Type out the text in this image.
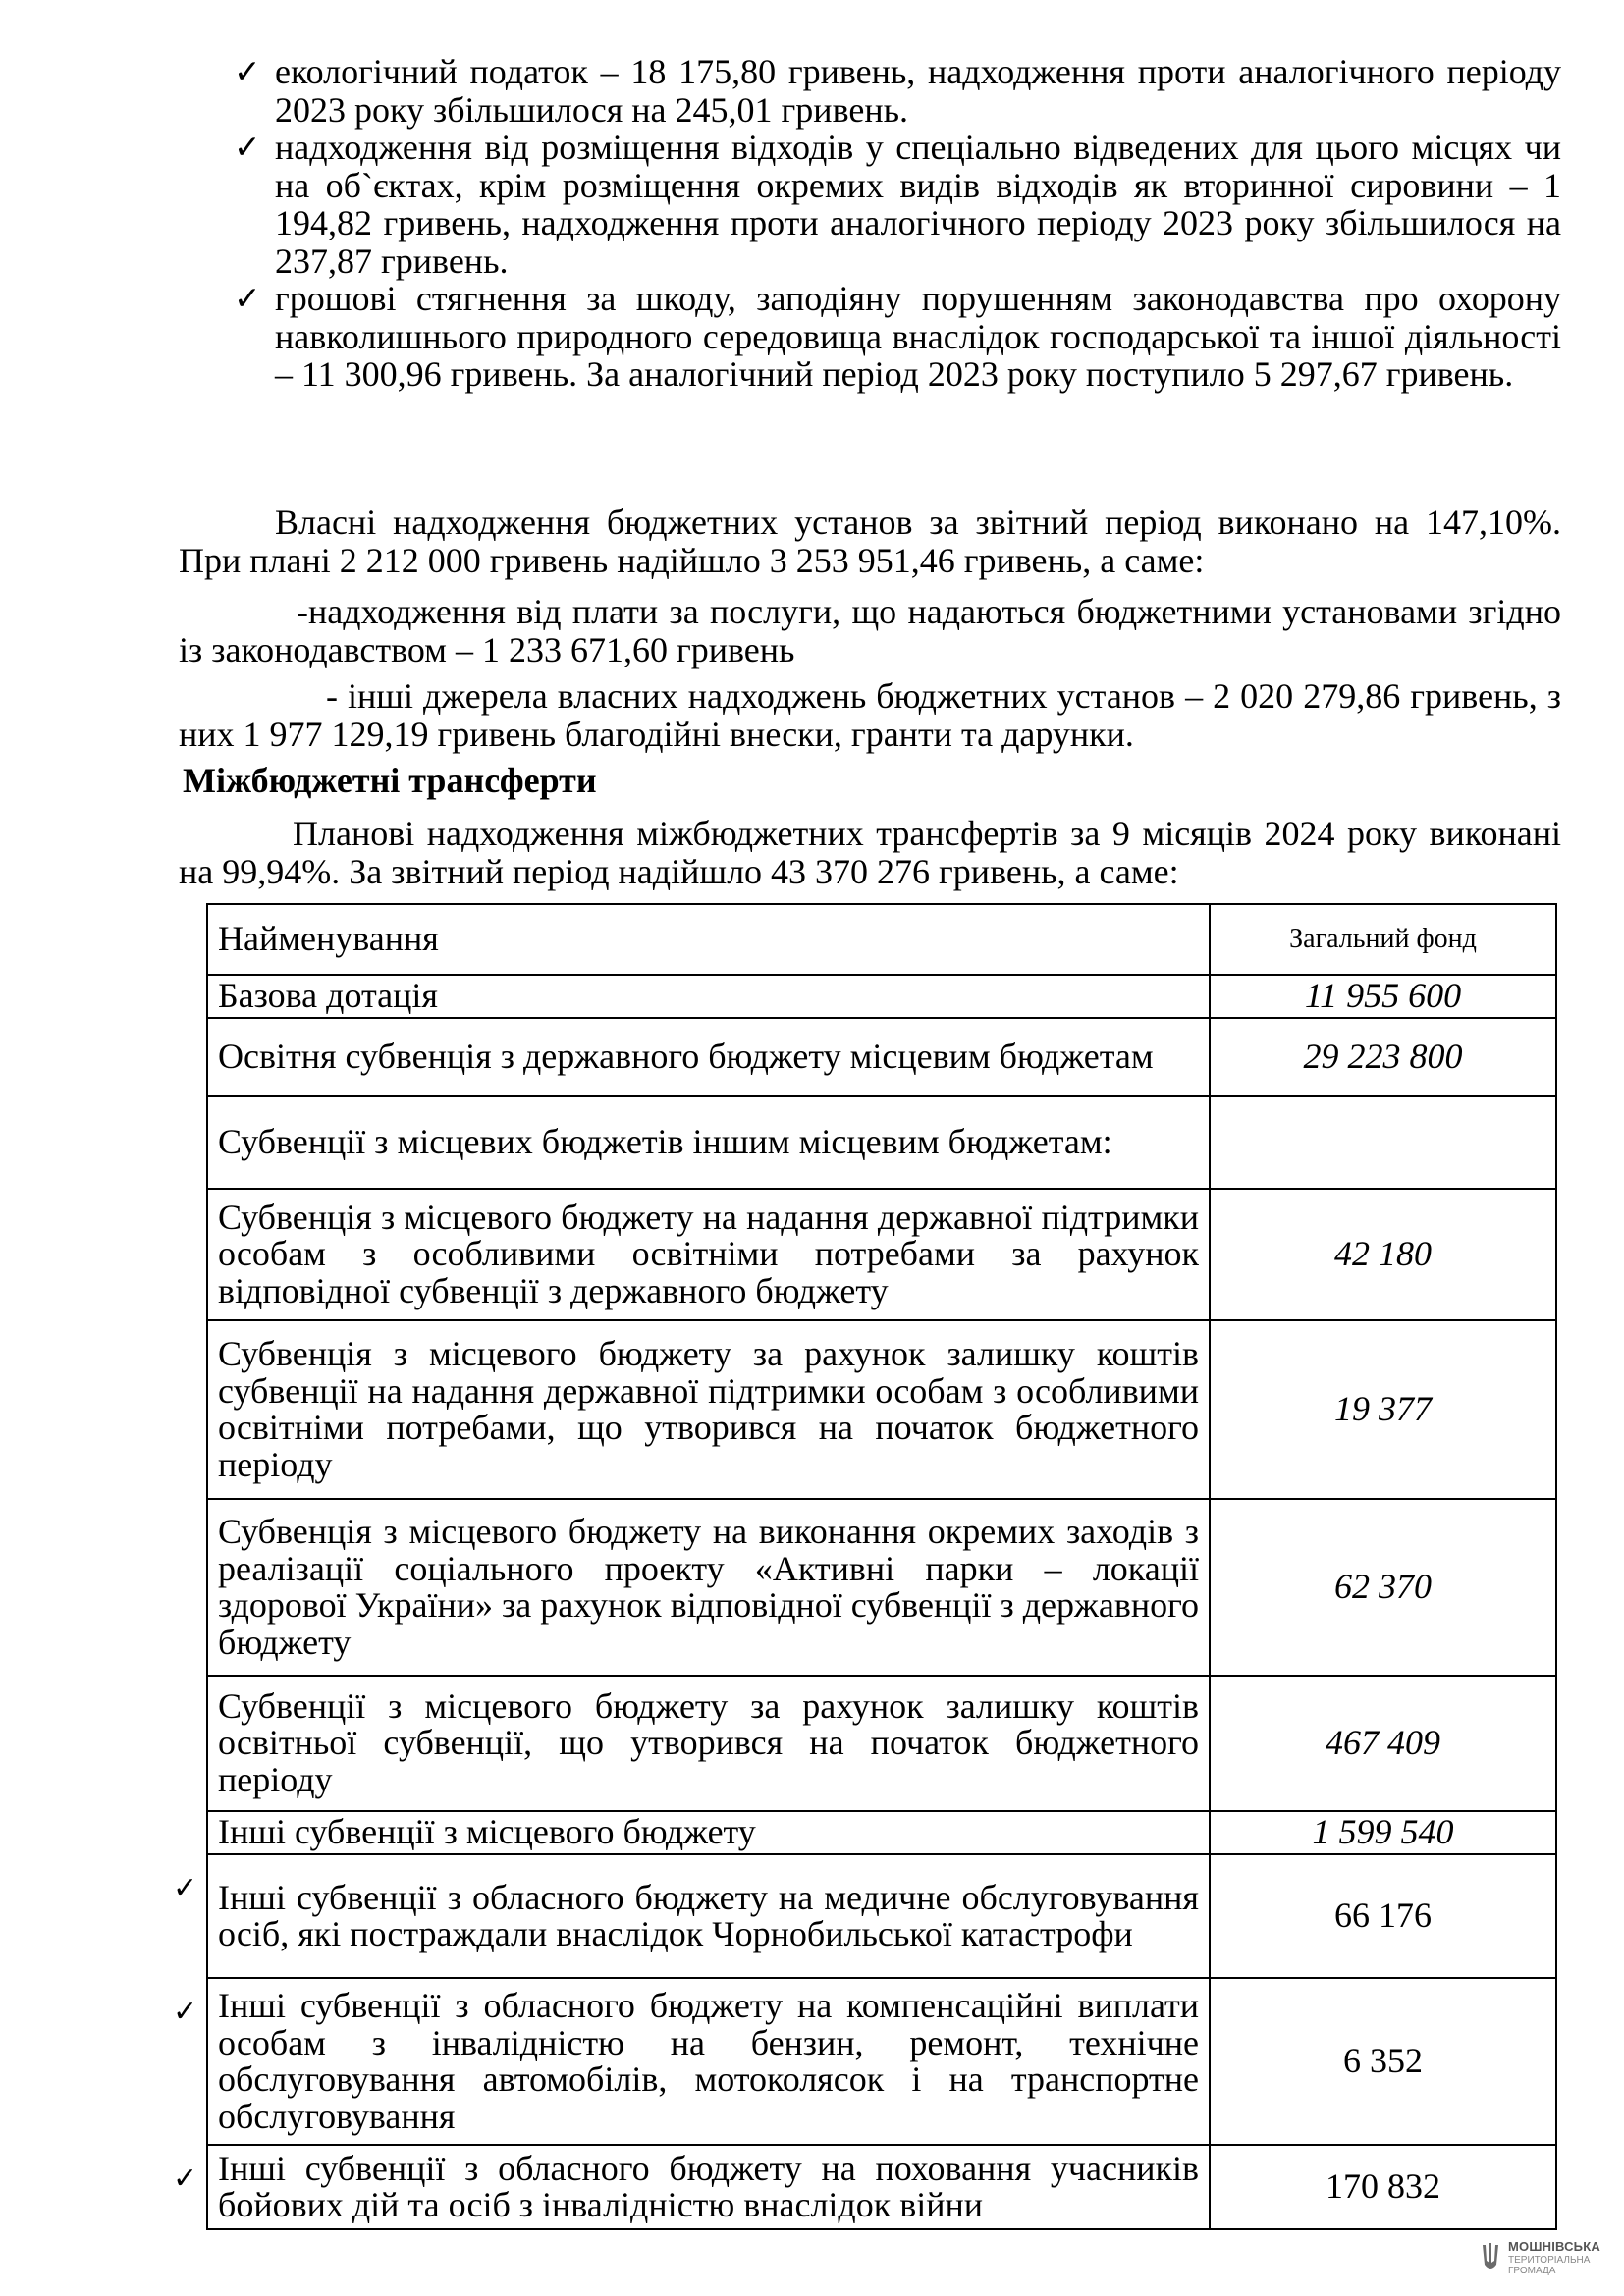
✓ екологічний податок – 18 175,80 гривень, надходження проти аналогічного періоду 2023 року збільшилося на 245,01 гривень.
✓ надходження від розміщення відходів у спеціально відведених для цього місцях чи на об`єктах, крім розміщення окремих видів відходів як вторинної сировини – 1 194,82 гривень, надходження проти аналогічного періоду 2023 року збільшилося на 237,87 гривень.
✓ грошові стягнення за шкоду, заподіяну порушенням законодавства про охорону навколишнього природного середовища внаслідок господарської та іншої діяльності – 11 300,96 гривень. За аналогічний період 2023 року поступило 5 297,67 гривень.
Власні надходження бюджетних установ за звітний період виконано на 147,10%. При плані 2 212 000 гривень надійшло 3 253 951,46 гривень, а саме:
-надходження від плати за послуги, що надаються бюджетними установами згідно із законодавством – 1 233 671,60 гривень
- інші джерела власних надходжень бюджетних установ – 2 020 279,86 гривень, з них 1 977 129,19 гривень благодійні внески, гранти та дарунки.
Міжбюджетні трансферти
Планові надходження міжбюджетних трансфертів за 9 місяців 2024 року виконані на 99,94%. За звітний період надійшло 43 370 276 гривень, а саме:
Найменування	Загальний фонд
Базова дотація	11 955 600
Освітня субвенція з державного бюджету місцевим бюджетам	29 223 800
Субвенції з місцевих бюджетів іншим місцевим бюджетам:	
Субвенція з місцевого бюджету на надання державної підтримки особам з особливими освітніми потребами за рахунок відповідної субвенції з державного бюджету	42 180
Субвенція з місцевого бюджету за рахунок залишку коштів субвенції на надання державної підтримки особам з особливими освітніми потребами, що утворився на початок бюджетного періоду	19 377
Субвенція з місцевого бюджету на виконання окремих заходів з реалізації соціального проекту «Активні парки – локації здорової України» за рахунок відповідної субвенції з державного бюджету	62 370
Субвенції з місцевого бюджету за рахунок залишку коштів освітньої субвенції, що утворився на початок бюджетного періоду	467 409
Інші субвенції з місцевого бюджету	1 599 540
Інші субвенції з обласного бюджету на медичне обслуговування осіб, які постраждали внаслідок Чорнобильської катастрофи	66 176
Інші субвенції з обласного бюджету на компенсаційні виплати особам з інвалідністю на бензин, ремонт, технічне обслуговування автомобілів, мотоколясок і на транспортне обслуговування	6 352
Інші субвенції з обласного бюджету на поховання учасників бойових дій та осіб з інвалідністю внаслідок війни	170 832
✓
✓
✓
МОШНІВСЬКА
ТЕРИТОРІАЛЬНА
ГРОМАДА
